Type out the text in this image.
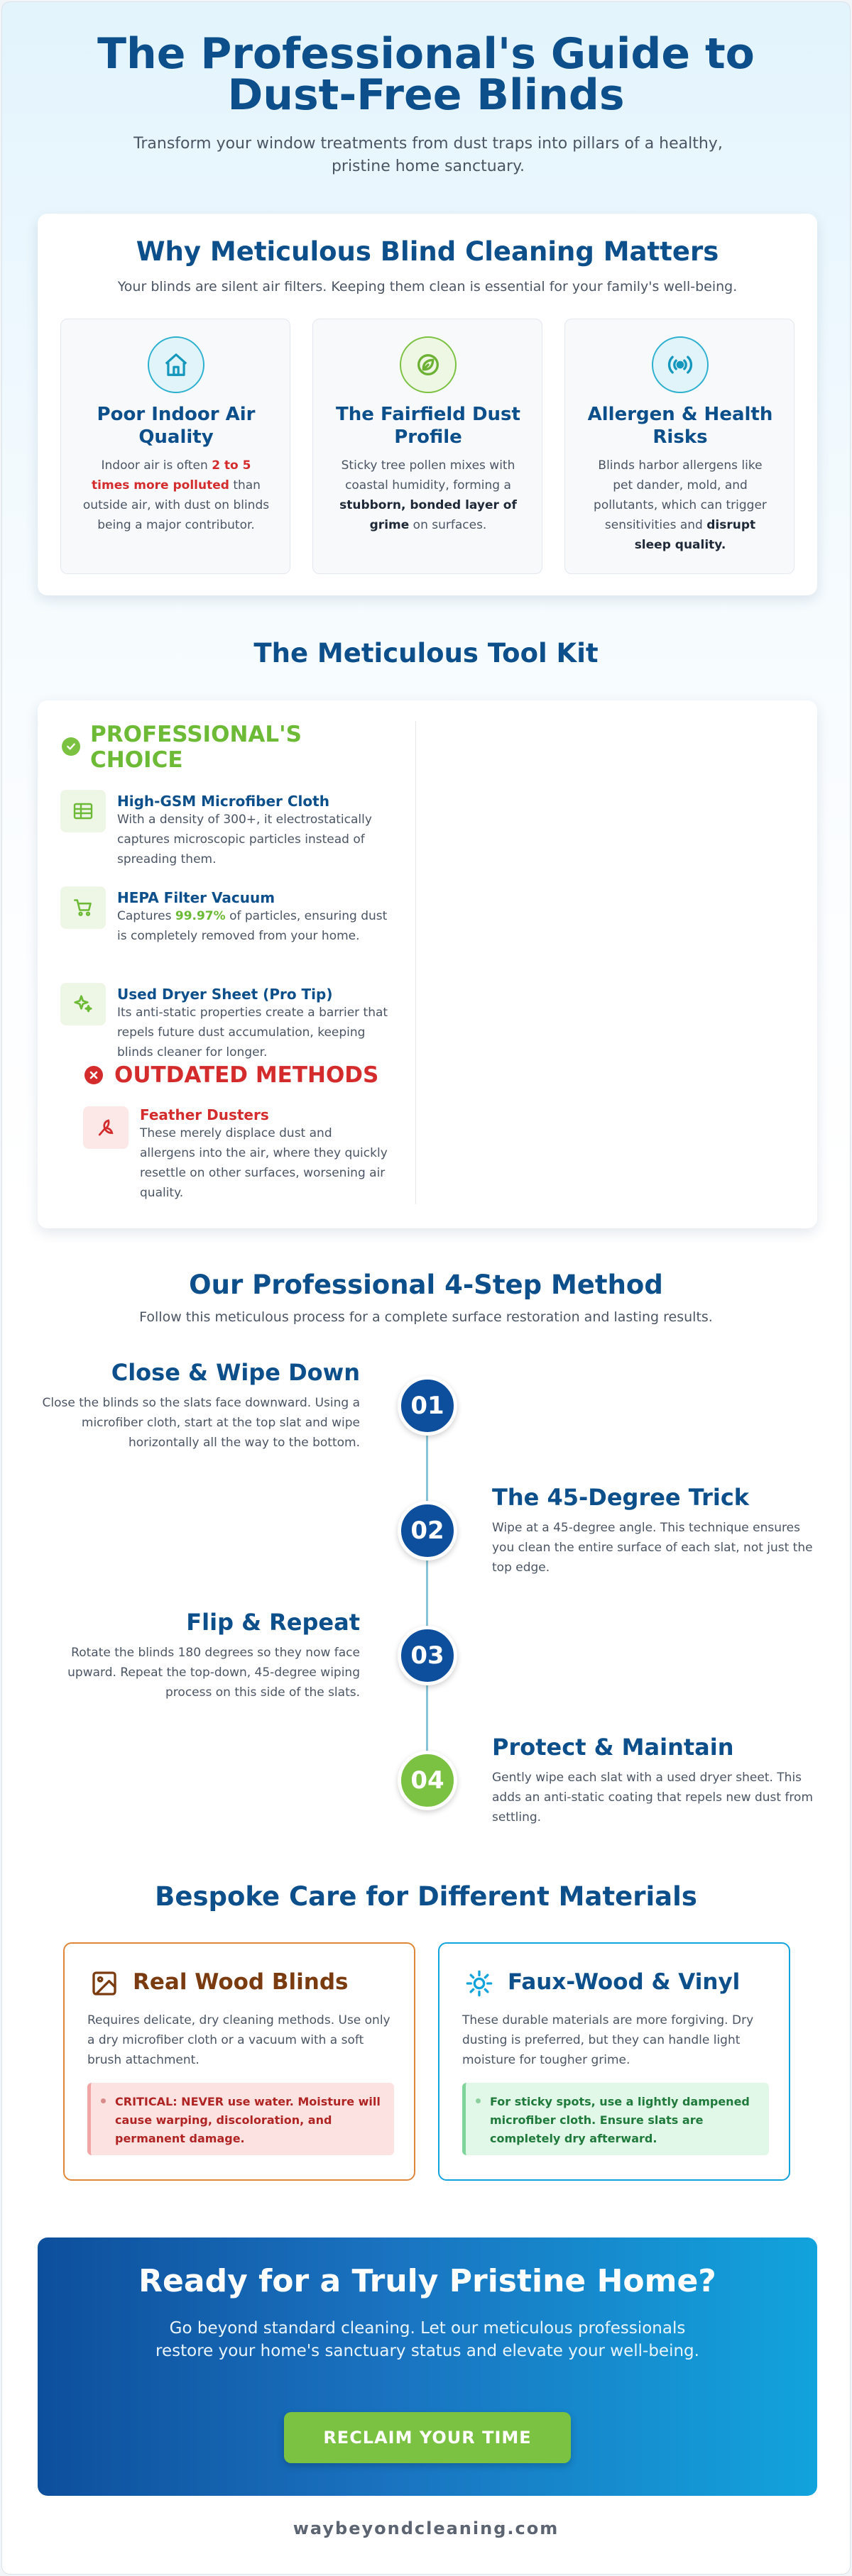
The Professional's Guide to
Dust-Free Blinds

Transform your window treatments from dust traps into pillars of a healthy, pristine home sanctuary.

Why Meticulous Blind Cleaning Matters

Your blinds are silent air filters. Keeping them clean is essential for your family's well-being.

Poor Indoor Air Quality

Indoor air is often 2 to 5 times more polluted than outside air, with dust on blinds being a major contributor.

The Fairfield Dust Profile

Sticky tree pollen mixes with coastal humidity, forming a stubborn, bonded layer of grime on surfaces.

Allergen & Health Risks

Blinds harbor allergens like pet dander, mold, and pollutants, which can trigger sensitivities and disrupt sleep quality.

The Meticulous Tool Kit
PROFESSIONAL'S
CHOICE
High-GSM Microfiber Cloth

With a density of 300+, it electrostatically captures microscopic particles instead of spreading them.

HEPA Filter Vacuum

Captures 99.97% of particles, ensuring dust is completely removed from your home.

Used Dryer Sheet (Pro Tip)

Its anti-static properties create a barrier that repels future dust accumulation, keeping blinds cleaner for longer.

OUTDATED METHODS
Feather Dusters

These merely displace dust and allergens into the air, where they quickly resettle on other surfaces, worsening air quality.

Our Professional 4-Step Method

Follow this meticulous process for a complete surface restoration and lasting results.

Close & Wipe Down

Close the blinds so the slats face downward. Using a microfiber cloth, start at the top slat and wipe horizontally all the way to the bottom.

01
02
The 45-Degree Trick

Wipe at a 45-degree angle. This technique ensures you clean the entire surface of each slat, not just the top edge.

Flip & Repeat

Rotate the blinds 180 degrees so they now face upward. Repeat the top-down, 45-degree wiping process on this side of the slats.

03
04
Protect & Maintain

Gently wipe each slat with a used dryer sheet. This adds an anti-static coating that repels new dust from settling.

Bespoke Care for Different Materials
Real Wood Blinds

Requires delicate, dry cleaning methods. Use only a dry microfiber cloth or a vacuum with a soft brush attachment.

CRITICAL: NEVER use water. Moisture will cause warping, discoloration, and permanent damage.
Faux-Wood & Vinyl

These durable materials are more forgiving. Dry dusting is preferred, but they can handle light moisture for tougher grime.

For sticky spots, use a lightly dampened microfiber cloth. Ensure slats are completely dry afterward.
Ready for a Truly Pristine Home?

Go beyond standard cleaning. Let our meticulous professionals restore your home's sanctuary status and elevate your well-being.

RECLAIM YOUR TIME
waybeyondcleaning.com
